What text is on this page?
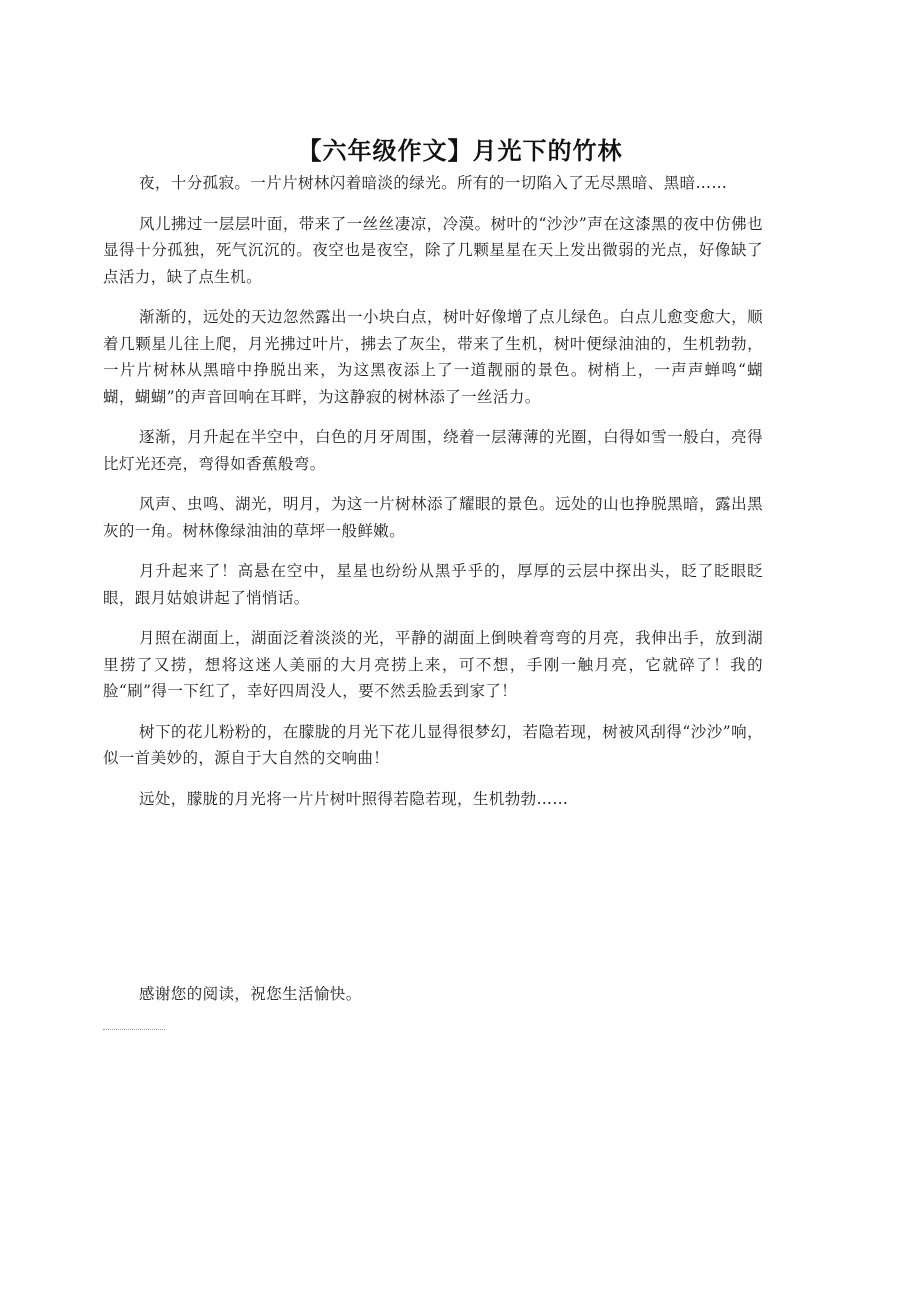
【六年级作文】月光下的竹林

夜，十分孤寂。一片片树林闪着暗淡的绿光。所有的一切陷入了无尽黑暗、黑暗……

风儿拂过一层层叶面，带来了一丝丝凄凉，冷漠。树叶的“沙沙”声在这漆黑的夜中仿佛也显得十分孤独，死气沉沉的。夜空也是夜空，除了几颗星星在天上发出微弱的光点，好像缺了点活力，缺了点生机。

渐渐的，远处的天边忽然露出一小块白点，树叶好像增了点儿绿色。白点儿愈变愈大，顺着几颗星儿往上爬，月光拂过叶片，拂去了灰尘，带来了生机，树叶便绿油油的，生机勃勃，一片片树林从黑暗中挣脱出来，为这黑夜添上了一道靓丽的景色。树梢上，一声声蝉鸣“蝴蝴，蝴蝴”的声音回响在耳畔，为这静寂的树林添了一丝活力。

逐渐，月升起在半空中，白色的月牙周围，绕着一层薄薄的光圈，白得如雪一般白，亮得比灯光还亮，弯得如香蕉般弯。

风声、虫鸣、湖光，明月，为这一片树林添了耀眼的景色。远处的山也挣脱黑暗，露出黑灰的一角。树林像绿油油的草坪一般鲜嫩。

月升起来了！高悬在空中，星星也纷纷从黑乎乎的，厚厚的云层中探出头，眨了眨眼眨眼，跟月姑娘讲起了悄悄话。

月照在湖面上，湖面泛着淡淡的光，平静的湖面上倒映着弯弯的月亮，我伸出手，放到湖里捞了又捞，想将这迷人美丽的大月亮捞上来，可不想，手刚一触月亮，它就碎了！我的脸“刷”得一下红了，幸好四周没人，要不然丢脸丢到家了！

树下的花儿粉粉的，在朦胧的月光下花儿显得很梦幻，若隐若现，树被风刮得“沙沙”响，似一首美妙的，源自于大自然的交响曲！

远处，朦胧的月光将一片片树叶照得若隐若现，生机勃勃……

感谢您的阅读，祝您生活愉快。
